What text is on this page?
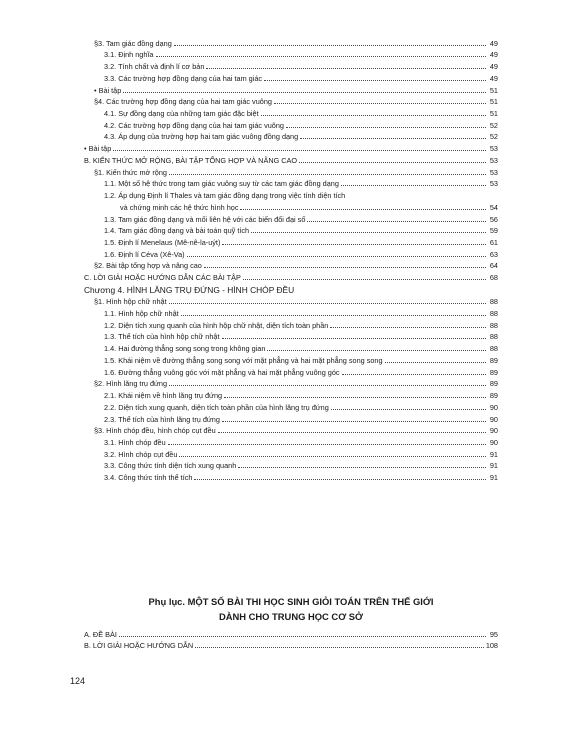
§3. Tam giác đồng dạng	49
3.1. Định nghĩa	49
3.2. Tính chất và định lí cơ bản	49
3.3. Các trường hợp đồng dạng của hai tam giác	49
• Bài tập	51
§4. Các trường hợp đồng dạng của hai tam giác vuông	51
4.1. Sự đồng dạng của những tam giác đặc biệt	51
4.2. Các trường hợp đồng dạng của hai tam giác vuông	52
4.3. Áp dụng của trường hợp hai tam giác vuông đồng dạng	52
• Bài tập	53
B. KIẾN THỨC MỞ RỘNG, BÀI TẬP TỔNG HỢP VÀ NÂNG CAO	53
§1. Kiến thức mở rộng	53
1.1. Một số hệ thức trong tam giác vuông suy từ các tam giác đồng dạng	53
1.2. Áp dụng Định lí Thales và tam giác đồng dạng trong việc tính diện tích
và chứng minh các hệ thức hình học	54
1.3. Tam giác đồng dạng và mối liên hệ với các biến đổi đại số	56
1.4. Tam giác đồng dạng và bài toán quỹ tích	59
1.5. Định lí Menelaus (Mê-nê-la-uýt)	61
1.6. Định lí Céva (Xê-Va)	63
§2. Bài tập tổng hợp và nâng cao	64
C. LỜI GIẢI HOẶC HƯỚNG DẪN CÁC BÀI TẬP	68
Chương 4. HÌNH LĂNG TRỤ ĐỨNG - HÌNH CHÓP ĐỀU
§1. Hình hộp chữ nhật	88
1.1. Hình hộp chữ nhật	88
1.2. Diện tích xung quanh của hình hộp chữ nhật, diện tích toàn phần	88
1.3. Thể tích của hình hộp chữ nhật	88
1.4. Hai đường thẳng song song trong không gian	88
1.5. Khái niệm về đường thẳng song song với mặt phẳng và hai mặt phẳng song song	89
1.6. Đường thẳng vuông góc với mặt phẳng và hai mặt phẳng vuông góc	89
§2. Hình lăng trụ đứng	89
2.1. Khái niệm về hình lăng trụ đứng	89
2.2. Diện tích xung quanh, diện tích toàn phần của hình lăng trụ đứng	90
2.3. Thể tích của hình lăng trụ đứng	90
§3. Hình chóp đều, hình chóp cụt đều	90
3.1. Hình chóp đều	90
3.2. Hình chóp cụt đều	91
3.3. Công thức tính diện tích xung quanh	91
3.4. Công thức tính thể tích	91
Phụ lục. MỘT SỐ BÀI THI HỌC SINH GIỎI TOÁN TRÊN THẾ GIỚI
DÀNH CHO TRUNG HỌC CƠ SỞ
A. ĐỀ BÀI	95
B. LỜI GIẢI HOẶC HƯỚNG DẪN	108
124
